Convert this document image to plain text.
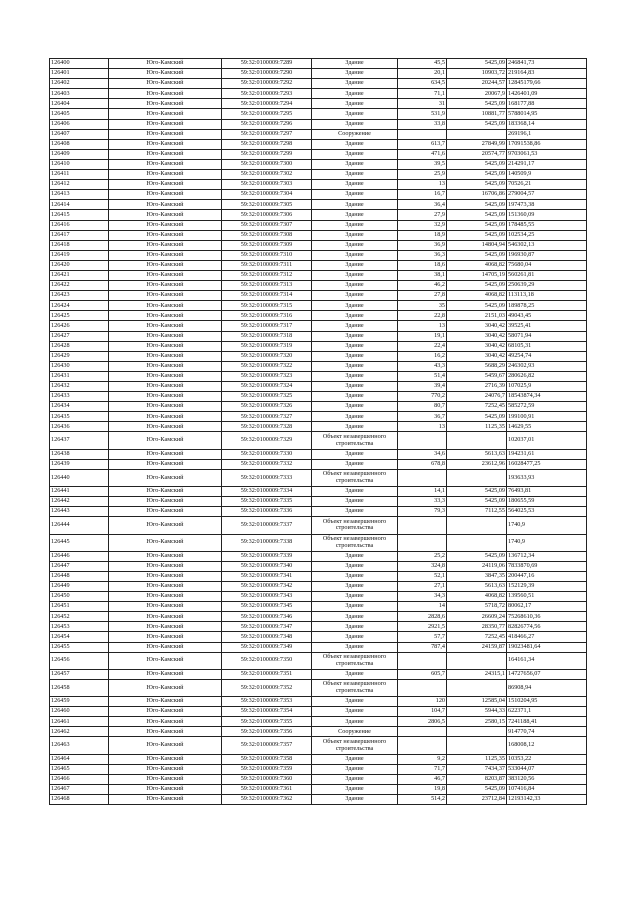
126400	Юго-Камский	59:32:0100009:7289	Здание	45,5	5425,09	246841,73
126401	Юго-Камский	59:32:0100009:7290	Здание	20,1	10903,72	219164,83
126402	Юго-Камский	59:32:0100009:7292	Здание	634,5	20244,57	12845179,66
126403	Юго-Камский	59:32:0100009:7293	Здание	71,1	20067,9	1426401,09
126404	Юго-Камский	59:32:0100009:7294	Здание	31	5425,09	168177,88
126405	Юго-Камский	59:32:0100009:7295	Здание	531,9	10881,77	5788014,95
126406	Юго-Камский	59:32:0100009:7296	Здание	33,8	5425,09	183368,14
126407	Юго-Камский	59:32:0100009:7297	Сооружение			269196,1
126408	Юго-Камский	59:32:0100009:7298	Здание	613,7	27849,99	17091538,86
126409	Юго-Камский	59:32:0100009:7299	Здание	471,6	20574,77	9703061,53
126410	Юго-Камский	59:32:0100009:7300	Здание	39,5	5425,09	214291,17
126411	Юго-Камский	59:32:0100009:7302	Здание	25,9	5425,09	140509,9
126412	Юго-Камский	59:32:0100009:7303	Здание	13	5425,09	70526,21
126413	Юго-Камский	59:32:0100009:7304	Здание	16,7	16706,86	279004,57
126414	Юго-Камский	59:32:0100009:7305	Здание	36,4	5425,09	197473,38
126415	Юго-Камский	59:32:0100009:7306	Здание	27,9	5425,09	151360,09
126416	Юго-Камский	59:32:0100009:7307	Здание	32,9	5425,09	178485,55
126417	Юго-Камский	59:32:0100009:7308	Здание	18,9	5425,09	102534,25
126418	Юго-Камский	59:32:0100009:7309	Здание	36,9	14804,94	546302,13
126419	Юго-Камский	59:32:0100009:7310	Здание	36,3	5425,09	196930,87
126420	Юго-Камский	59:32:0100009:7311	Здание	18,6	4068,82	75680,04
126421	Юго-Камский	59:32:0100009:7312	Здание	38,1	14705,19	560261,81
126422	Юго-Камский	59:32:0100009:7313	Здание	46,2	5425,09	250639,29
126423	Юго-Камский	59:32:0100009:7314	Здание	27,8	4068,82	113113,18
126424	Юго-Камский	59:32:0100009:7315	Здание	35	5425,09	189878,25
126425	Юго-Камский	59:32:0100009:7316	Здание	22,8	2151,03	49043,45
126426	Юго-Камский	59:32:0100009:7317	Здание	13	3040,42	39525,41
126427	Юго-Камский	59:32:0100009:7318	Здание	19,1	3040,42	58071,94
126428	Юго-Камский	59:32:0100009:7319	Здание	22,4	3040,42	68105,31
126429	Юго-Камский	59:32:0100009:7320	Здание	16,2	3040,42	49254,74
126430	Юго-Камский	59:32:0100009:7322	Здание	43,3	5688,29	246302,93
126431	Юго-Камский	59:32:0100009:7323	Здание	51,4	5459,67	280626,82
126432	Юго-Камский	59:32:0100009:7324	Здание	39,4	2716,39	107025,9
126433	Юго-Камский	59:32:0100009:7325	Здание	770,2	24076,7	18543874,34
126434	Юго-Камский	59:32:0100009:7326	Здание	80,7	7252,45	585272,59
126435	Юго-Камский	59:32:0100009:7327	Здание	36,7	5425,09	199100,91
126436	Юго-Камский	59:32:0100009:7328	Здание	13	1125,35	14629,55
126437	Юго-Камский	59:32:0100009:7329	Объект незавершенного строительства			102037,01
126438	Юго-Камский	59:32:0100009:7330	Здание	34,6	5613,63	194231,61
126439	Юго-Камский	59:32:0100009:7332	Здание	678,8	23612,96	16028477,25
126440	Юго-Камский	59:32:0100009:7333	Объект незавершенного строительства			193633,93
126441	Юго-Камский	59:32:0100009:7334	Здание	14,1	5425,09	76493,81
126442	Юго-Камский	59:32:0100009:7335	Здание	33,3	5425,09	180655,59
126443	Юго-Камский	59:32:0100009:7336	Здание	79,3	7112,55	564025,53
126444	Юго-Камский	59:32:0100009:7337	Объект незавершенного строительства			1740,9
126445	Юго-Камский	59:32:0100009:7338	Объект незавершенного строительства			1740,9
126446	Юго-Камский	59:32:0100009:7339	Здание	25,2	5425,09	136712,34
126447	Юго-Камский	59:32:0100009:7340	Здание	324,8	24119,06	7833870,69
126448	Юго-Камский	59:32:0100009:7341	Здание	52,1	3847,35	200447,16
126449	Юго-Камский	59:32:0100009:7342	Здание	27,1	5613,63	152129,39
126450	Юго-Камский	59:32:0100009:7343	Здание	34,3	4068,82	139560,51
126451	Юго-Камский	59:32:0100009:7345	Здание	14	5718,72	80062,17
126452	Юго-Камский	59:32:0100009:7346	Здание	2828,6	26609,24	75268610,36
126453	Юго-Камский	59:32:0100009:7347	Здание	2921,5	28350,77	82826774,56
126454	Юго-Камский	59:32:0100009:7348	Здание	57,7	7252,45	418466,27
126455	Юго-Камский	59:32:0100009:7349	Здание	787,4	24159,87	19023481,64
126456	Юго-Камский	59:32:0100009:7350	Объект незавершенного строительства			164161,34
126457	Юго-Камский	59:32:0100009:7351	Здание	605,7	24315,1	14727656,07
126458	Юго-Камский	59:32:0100009:7352	Объект незавершенного строительства			86908,94
126459	Юго-Камский	59:32:0100009:7353	Здание	120	12585,04	1510204,95
126460	Юго-Камский	59:32:0100009:7354	Здание	104,7	5944,33	622371,1
126461	Юго-Камский	59:32:0100009:7355	Здание	2806,5	2580,15	7241188,41
126462	Юго-Камский	59:32:0100009:7356	Сооружение			914770,74
126463	Юго-Камский	59:32:0100009:7357	Объект незавершенного строительства			168008,12
126464	Юго-Камский	59:32:0100009:7358	Здание	9,2	1125,35	10353,22
126465	Юго-Камский	59:32:0100009:7359	Здание	71,7	7434,37	533044,07
126466	Юго-Камский	59:32:0100009:7360	Здание	46,7	8203,87	383120,56
126467	Юго-Камский	59:32:0100009:7361	Здание	19,8	5425,09	107416,84
126468	Юго-Камский	59:32:0100009:7362	Здание	514,2	23712,84	12193142,33
